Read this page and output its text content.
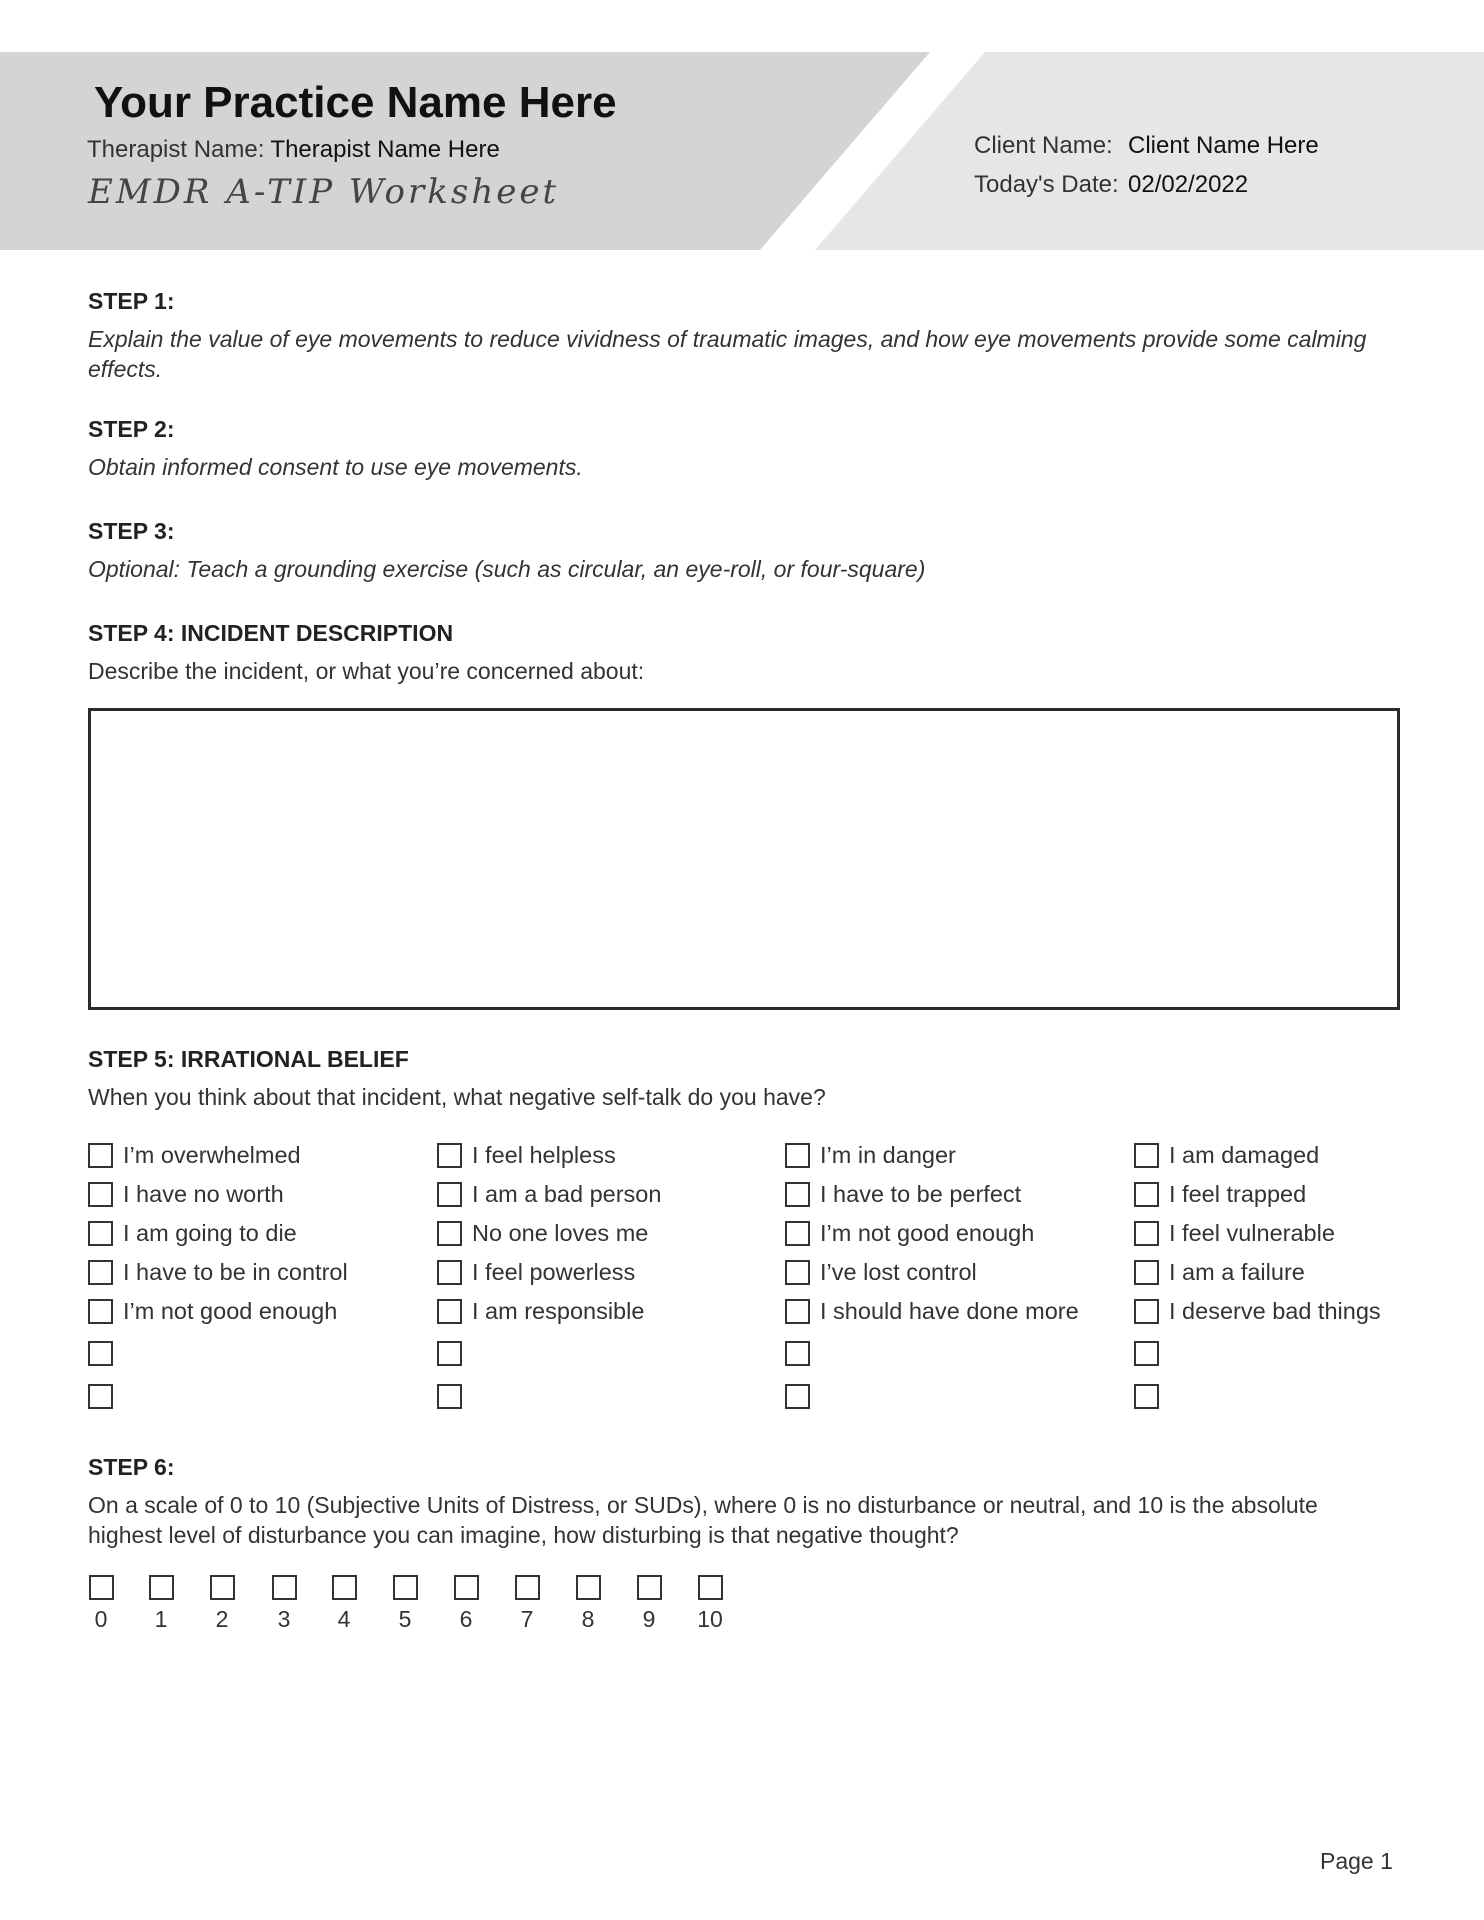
Your Practice Name Here
Therapist Name: Therapist Name Here
EMDR A-TIP Worksheet
Client Name: Client Name Here
Today's Date: 02/02/2022
STEP 1:
Explain the value of eye movements to reduce vividness of traumatic images, and how eye movements provide some calming effects.
STEP 2:
Obtain informed consent to use eye movements.
STEP 3:
Optional: Teach a grounding exercise (such as circular, an eye-roll, or four-square)
STEP 4: INCIDENT DESCRIPTION
Describe the incident, or what you’re concerned about:
STEP 5: IRRATIONAL BELIEF
When you think about that incident, what negative self-talk do you have?
I’m overwhelmed
I have no worth
I am going to die
I have to be in control
I’m not good enough
I feel helpless
I am a bad person
No one loves me
I feel powerless
I am responsible
I’m in danger
I have to be perfect
I’m not good enough
I’ve lost control
I should have done more
I am damaged
I feel trapped
I feel vulnerable
I am a failure
I deserve bad things
STEP 6:
On a scale of 0 to 10 (Subjective Units of Distress, or SUDs), where 0 is no disturbance or neutral, and 10 is the absolute highest level of disturbance you can imagine, how disturbing is that negative thought?
0	1	2	3	4	5	6	7	8	9	10
Page 1
